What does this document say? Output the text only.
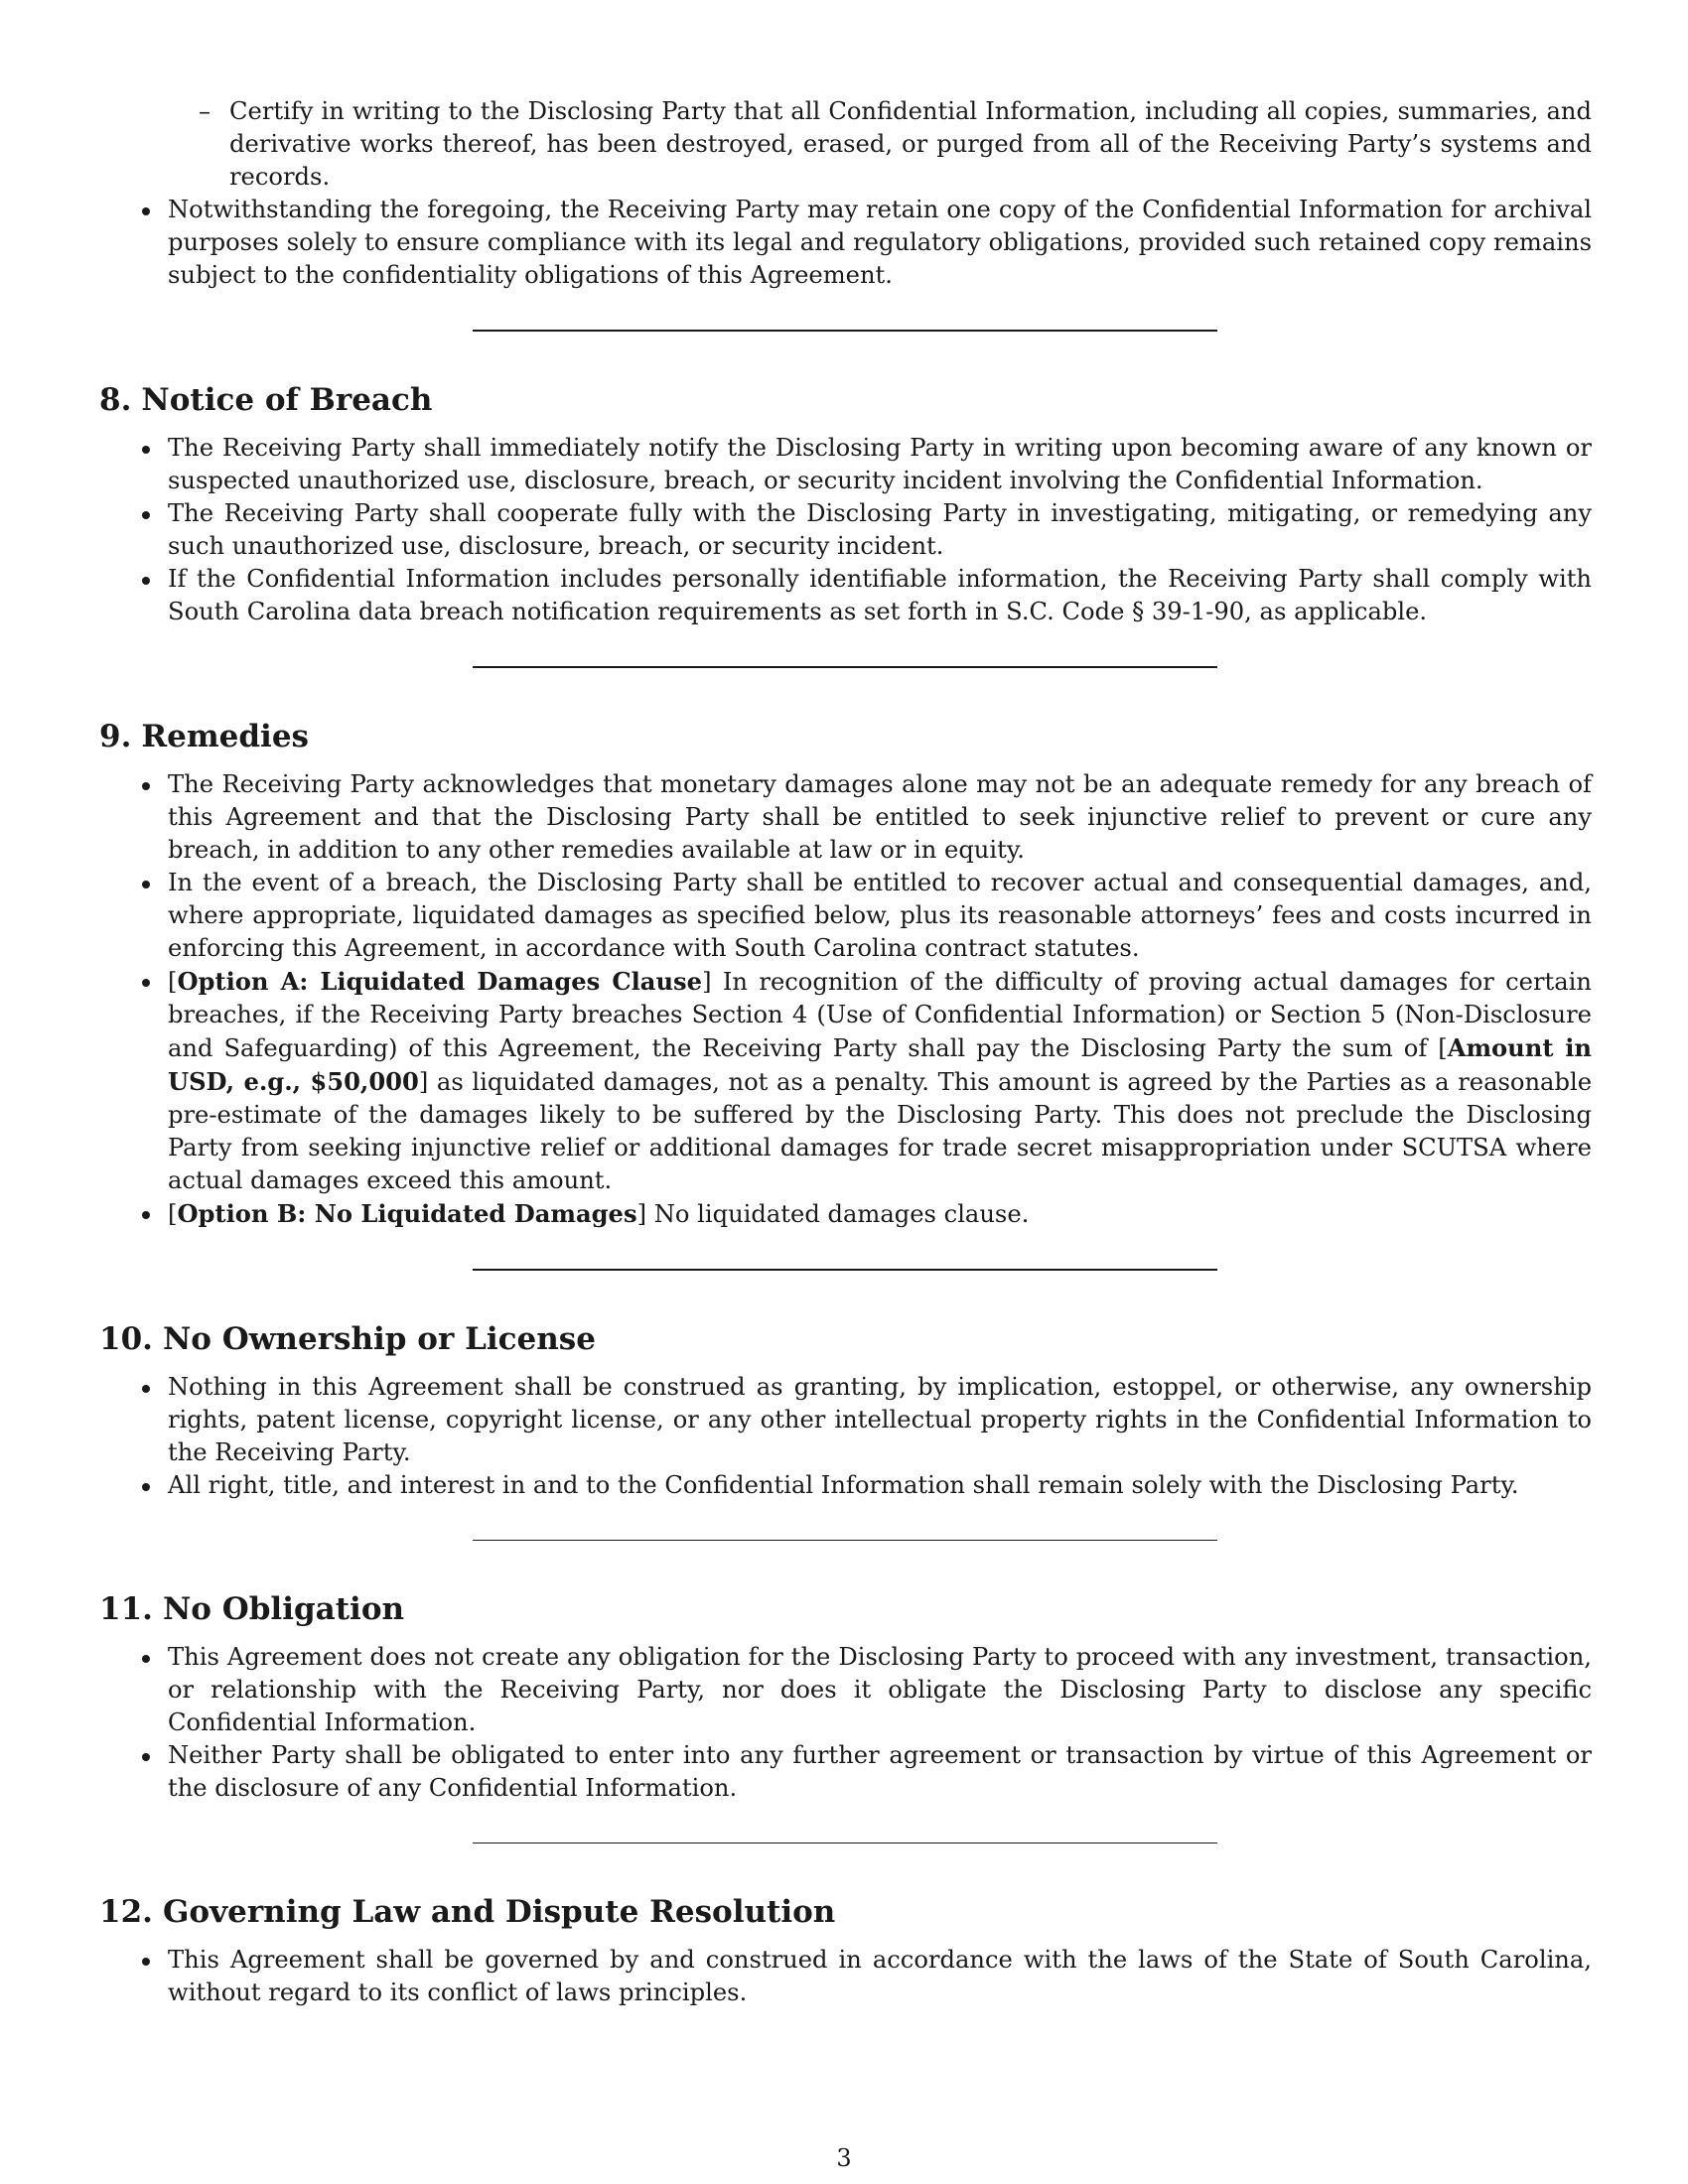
– Certify in writing to the Disclosing Party that all Confidential Information, including all copies, summaries, and derivative works thereof, has been destroyed, erased, or purged from all of the Receiving Party’s systems and records.
Notwithstanding the foregoing, the Receiving Party may retain one copy of the Confidential Information for archival purposes solely to ensure compliance with its legal and regulatory obligations, provided such retained copy remains subject to the confidentiality obligations of this Agreement.
8. Notice of Breach
The Receiving Party shall immediately notify the Disclosing Party in writing upon becoming aware of any known or suspected unauthorized use, disclosure, breach, or security incident involving the Confidential Information.
The Receiving Party shall cooperate fully with the Disclosing Party in investigating, mitigating, or remedying any such unauthorized use, disclosure, breach, or security incident.
If the Confidential Information includes personally identifiable information, the Receiving Party shall comply with South Carolina data breach notification requirements as set forth in S.C. Code § 39-1-90, as applicable.
9. Remedies
The Receiving Party acknowledges that monetary damages alone may not be an adequate remedy for any breach of this Agreement and that the Disclosing Party shall be entitled to seek injunctive relief to prevent or cure any breach, in addition to any other remedies available at law or in equity.
In the event of a breach, the Disclosing Party shall be entitled to recover actual and consequential damages, and, where appropriate, liquidated damages as specified below, plus its reasonable attorneys’ fees and costs incurred in enforcing this Agreement, in accordance with South Carolina contract statutes.
[Option A: Liquidated Damages Clause] In recognition of the difficulty of proving actual damages for certain breaches, if the Receiving Party breaches Section 4 (Use of Confidential Information) or Section 5 (Non-Disclosure and Safeguarding) of this Agreement, the Receiving Party shall pay the Disclosing Party the sum of [Amount in USD, e.g., $50,000] as liquidated damages, not as a penalty. This amount is agreed by the Parties as a reasonable pre-estimate of the damages likely to be suffered by the Disclosing Party. This does not preclude the Disclosing Party from seeking injunctive relief or additional damages for trade secret misappropriation under SCUTSA where actual damages exceed this amount.
[Option B: No Liquidated Damages] No liquidated damages clause.
10. No Ownership or License
Nothing in this Agreement shall be construed as granting, by implication, estoppel, or otherwise, any ownership rights, patent license, copyright license, or any other intellectual property rights in the Confidential Information to the Receiving Party.
All right, title, and interest in and to the Confidential Information shall remain solely with the Disclosing Party.
11. No Obligation
This Agreement does not create any obligation for the Disclosing Party to proceed with any investment, transaction, or relationship with the Receiving Party, nor does it obligate the Disclosing Party to disclose any specific Confidential Information.
Neither Party shall be obligated to enter into any further agreement or transaction by virtue of this Agreement or the disclosure of any Confidential Information.
12. Governing Law and Dispute Resolution
This Agreement shall be governed by and construed in accordance with the laws of the State of South Carolina, without regard to its conflict of laws principles.
3
